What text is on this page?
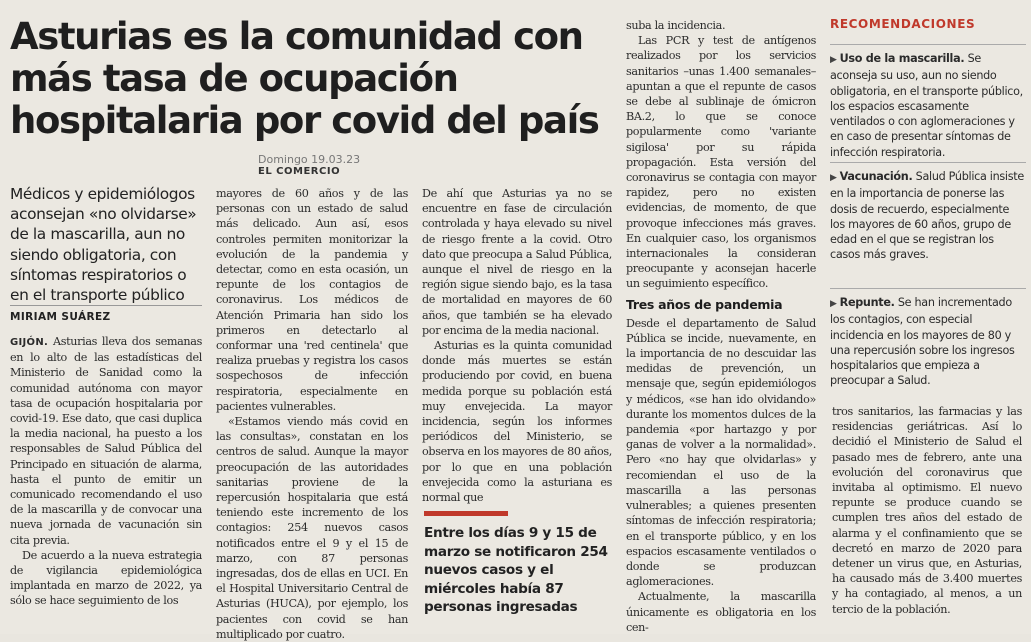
Asturias es la comunidad con más tasa de ocupación hospitalaria por covid del país
Domingo 19.03.23
EL COMERCIO
Médicos y epidemiólogos aconsejan «no olvidarse» de la mascarilla, aun no siendo obligatoria, con síntomas respiratorios o en el transporte público
MIRIAM SUÁREZ

GIJÓN. Asturias lleva dos semanas en lo alto de las estadísticas del Ministerio de Sanidad como la comunidad autónoma con mayor tasa de ocupación hospitalaria por covid-19. Ese dato, que casi duplica la media nacional, ha puesto a los responsables de Salud Pública del Principado en situación de alarma, hasta el punto de emitir un comunicado recomendando el uso de la mascarilla y de convocar una nueva jornada de vacunación sin cita previa.

De acuerdo a la nueva estrategia de vigilancia epidemiológica implantada en marzo de 2022, ya sólo se hace seguimiento de los

mayores de 60 años y de las personas con un estado de salud más delicado. Aun así, esos controles permiten monitorizar la evolución de la pandemia y detectar, como en esta ocasión, un repunte de los contagios de coronavirus. Los médicos de Atención Primaria han sido los primeros en detectarlo al conformar una 'red centinela' que realiza pruebas y registra los casos sospechosos de infección respiratoria, especialmente en pacientes vulnerables.

«Estamos viendo más covid en las consultas», constatan en los centros de salud. Aunque la mayor preocupación de las autoridades sanitarias proviene de la repercusión hospitalaria que está teniendo este incremento de los contagios: 254 nuevos casos notificados entre el 9 y el 15 de marzo, con 87 personas ingresadas, dos de ellas en UCI. En el Hospital Universitario Central de Asturias (HUCA), por ejemplo, los pacientes con covid se han multiplicado por cuatro.

De ahí que Asturias ya no se encuentre en fase de circulación controlada y haya elevado su nivel de riesgo frente a la covid. Otro dato que preocupa a Salud Pública, aunque el nivel de riesgo en la región sigue siendo bajo, es la tasa de mortalidad en mayores de 60 años, que también se ha elevado por encima de la media nacional.

Asturias es la quinta comunidad donde más muertes se están produciendo por covid, en buena medida porque su población está muy envejecida. La mayor incidencia, según los informes periódicos del Ministerio, se observa en los mayores de 80 años, por lo que en una población envejecida como la asturiana es normal que

Entre los días 9 y 15 de marzo se notificaron 254 nuevos casos y el miércoles había 87 personas ingresadas

suba la incidencia.

Las PCR y test de antígenos realizados por los servicios sanitarios –unas 1.400 semanales– apuntan a que el repunte de casos se debe al sublinaje de ómicron BA.2, lo que se conoce popularmente como 'variante sigilosa' por su rápida propagación. Esta versión del coronavirus se contagia con mayor rapidez, pero no existen evidencias, de momento, de que provoque infecciones más graves. En cualquier caso, los organismos internacionales la consideran preocupante y aconsejan hacerle un seguimiento específico.

Tres años de pandemia

Desde el departamento de Salud Pública se incide, nuevamente, en la importancia de no descuidar las medidas de prevención, un mensaje que, según epidemiólogos y médicos, «se han ido olvidando» durante los momentos dulces de la pandemia «por hartazgo y por ganas de volver a la normalidad». Pero «no hay que olvidarlas» y recomiendan el uso de la mascarilla a las personas vulnerables; a quienes presenten síntomas de infección respiratoria; en el transporte público, y en los espacios escasamente ventilados o donde se produzcan aglomeraciones.

Actualmente, la mascarilla únicamente es obligatoria en los cen-

tros sanitarios, las farmacias y las residencias geriátricas. Así lo decidió el Ministerio de Salud el pasado mes de febrero, ante una evolución del coronavirus que invitaba al optimismo. El nuevo repunte se produce cuando se cumplen tres años del estado de alarma y el confinamiento que se decretó en marzo de 2020 para detener un virus que, en Asturias, ha causado más de 3.400 muertes y ha contagiado, al menos, a un tercio de la población.

RECOMENDACIONES
▶ Uso de la mascarilla. Se aconseja su uso, aun no siendo obligatoria, en el transporte público, los espacios escasamente ventilados o con aglomeraciones y en caso de presentar síntomas de infección respiratoria.
▶ Vacunación. Salud Pública insiste en la importancia de ponerse las dosis de recuerdo, especialmente los mayores de 60 años, grupo de edad en el que se registran los casos más graves.
▶ Repunte. Se han incrementado los contagios, con especial incidencia en los mayores de 80 y una repercusión sobre los ingresos hospitalarios que empieza a preocupar a Salud.
